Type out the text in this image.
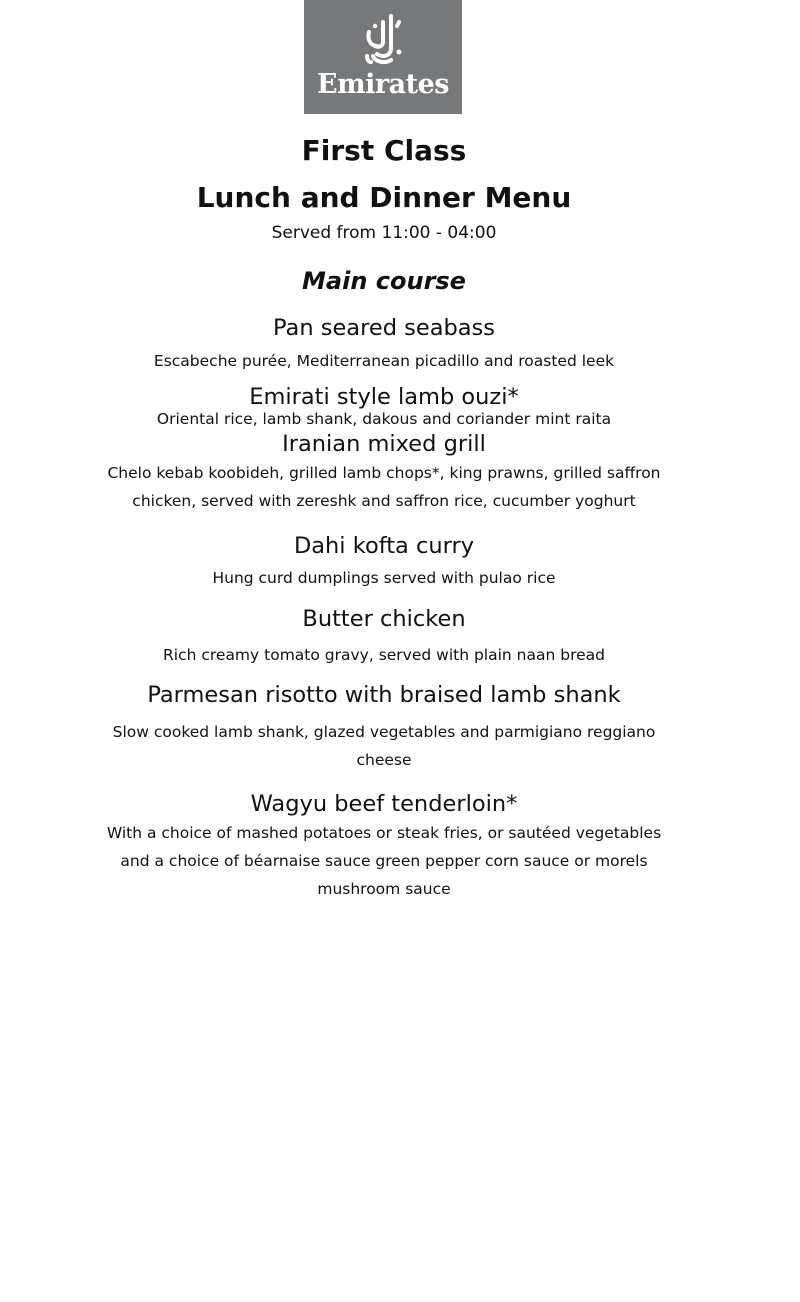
Emirates
First Class
Lunch and Dinner Menu
Served from 11:00 - 04:00
Main course
Pan seared seabass
Escabeche purée, Mediterranean picadillo and roasted leek
Emirati style lamb ouzi*
Oriental rice, lamb shank, dakous and coriander mint raita
Iranian mixed grill
Chelo kebab koobideh, grilled lamb chops*, king prawns, grilled saffron chicken, served with zereshk and saffron rice, cucumber yoghurt
Dahi kofta curry
Hung curd dumplings served with pulao rice
Butter chicken
Rich creamy tomato gravy, served with plain naan bread
Parmesan risotto with braised lamb shank
Slow cooked lamb shank, glazed vegetables and parmigiano reggiano cheese
Wagyu beef tenderloin*
With a choice of mashed potatoes or steak fries, or sautéed vegetables and a choice of béarnaise sauce green pepper corn sauce or morels mushroom sauce
